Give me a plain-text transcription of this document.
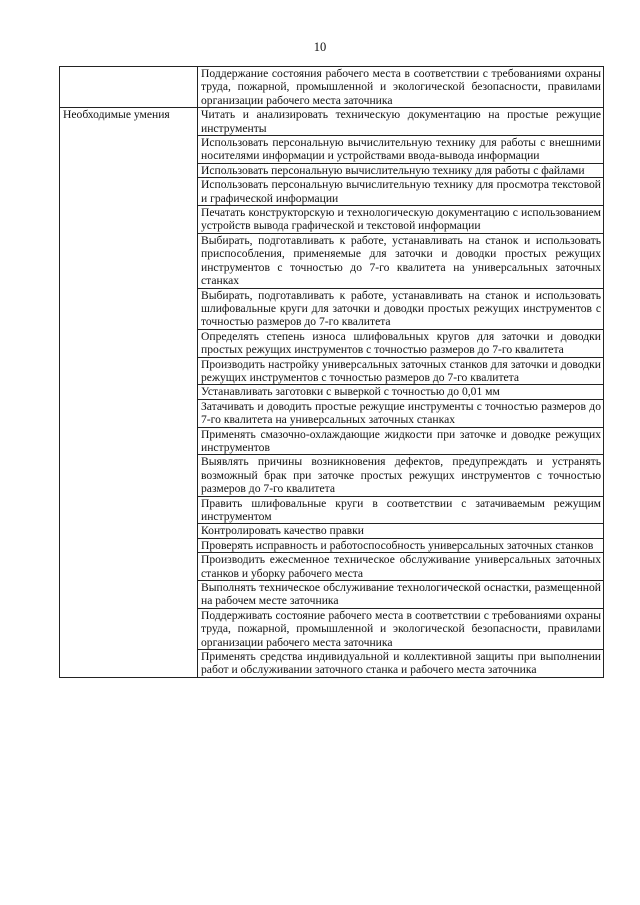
10
	Поддержание состояния рабочего места в соответствии с требованиями охраны труда, пожарной, промышленной и экологической безопасности, правилами организации рабочего места заточника
Необходимые умения	Читать и анализировать техническую документацию на простые режущие инструменты
	Использовать персональную вычислительную технику для работы с внешними носителями информации и устройствами ввода-вывода информации
	Использовать персональную вычислительную технику для работы с файлами
	Использовать персональную вычислительную технику для просмотра текстовой и графической информации
	Печатать конструкторскую и технологическую документацию с использованием устройств вывода графической и текстовой информации
	Выбирать, подготавливать к работе, устанавливать на станок и использовать приспособления, применяемые для заточки и доводки простых режущих инструментов с точностью до 7-го квалитета на универсальных заточных станках
	Выбирать, подготавливать к работе, устанавливать на станок и использовать шлифовальные круги для заточки и доводки простых режущих инструментов с точностью размеров до 7-го квалитета
	Определять степень износа шлифовальных кругов для заточки и доводки простых режущих инструментов с точностью размеров до 7-го квалитета
	Производить настройку универсальных заточных станков для заточки и доводки режущих инструментов с точностью размеров до 7-го квалитета
	Устанавливать заготовки с выверкой с точностью до 0,01 мм
	Затачивать и доводить простые режущие инструменты с точностью размеров до 7-го квалитета на универсальных заточных станках
	Применять смазочно-охлаждающие жидкости при заточке и доводке режущих инструментов
	Выявлять причины возникновения дефектов, предупреждать и устранять возможный брак при заточке простых режущих инструментов с точностью размеров до 7-го квалитета
	Править шлифовальные круги в соответствии с затачиваемым режущим инструментом
	Контролировать качество правки
	Проверять исправность и работоспособность универсальных заточных станков
	Производить ежесменное техническое обслуживание универсальных заточных станков и уборку рабочего места
	Выполнять техническое обслуживание технологической оснастки, размещенной на рабочем месте заточника
	Поддерживать состояние рабочего места в соответствии с требованиями охраны труда, пожарной, промышленной и экологической безопасности, правилами организации рабочего места заточника
	Применять средства индивидуальной и коллективной защиты при выполнении работ и обслуживании заточного станка и рабочего места заточника
